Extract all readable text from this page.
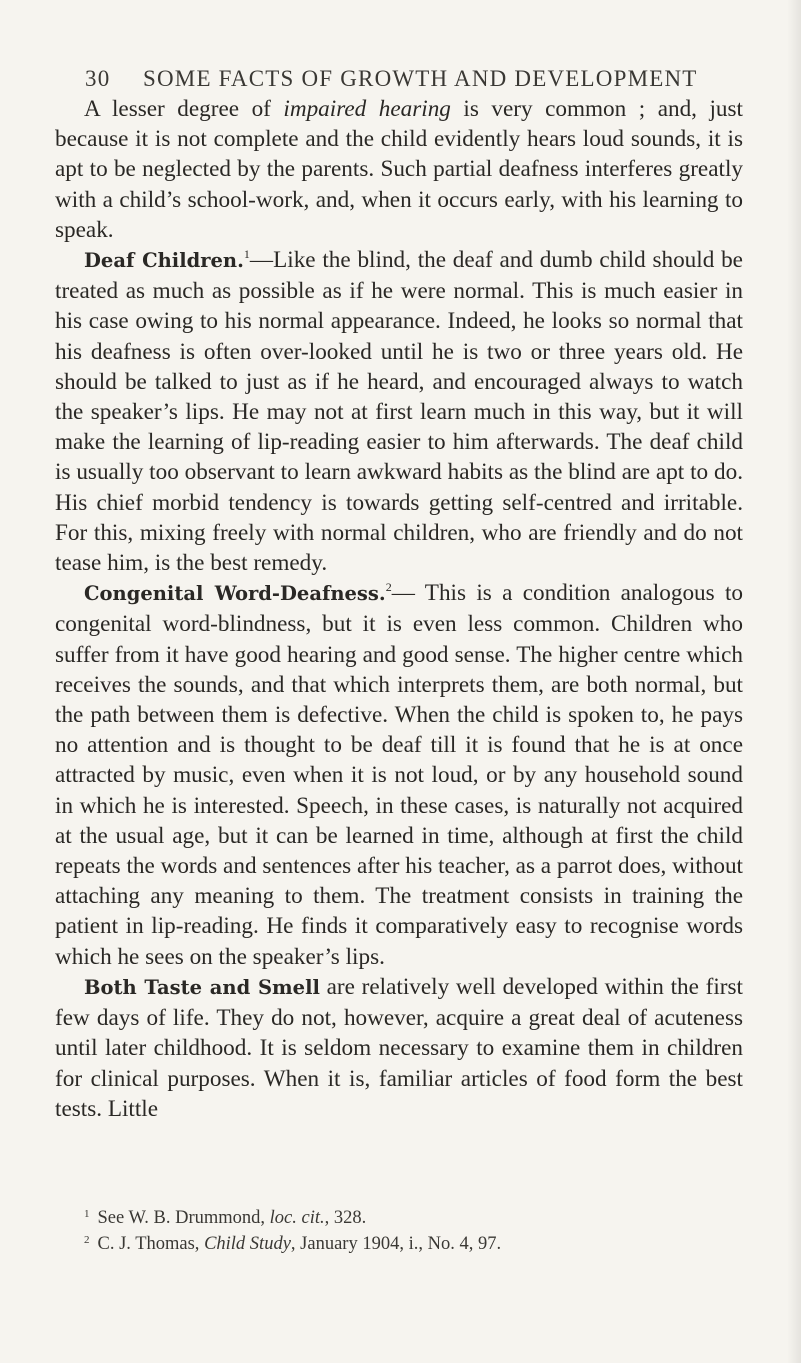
30 SOME FACTS OF GROWTH AND DEVELOPMENT

A lesser degree of impaired hearing is very common ; and, just because it is not complete and the child evidently hears loud sounds, it is apt to be neglected by the parents. Such partial deafness interferes greatly with a child’s school-work, and, when it occurs early, with his learning to speak.

Deaf Children.$^1$—Like the blind, the deaf and dumb child should be treated as much as possible as if he were normal. This is much easier in his case owing to his normal appearance. Indeed, he looks so normal that his deafness is often over-looked until he is two or three years old. He should be talked to just as if he heard, and encouraged always to watch the speaker’s lips. He may not at first learn much in this way, but it will make the learning of lip-reading easier to him afterwards. The deaf child is usually too observant to learn awkward habits as the blind are apt to do. His chief morbid tendency is towards getting self-centred and irritable. For this, mixing freely with normal children, who are friendly and do not tease him, is the best remedy.

Congenital Word-Deafness.$^2$— This is a condition analogous to congenital word-blindness, but it is even less common. Children who suffer from it have good hearing and good sense. The higher centre which receives the sounds, and that which interprets them, are both normal, but the path between them is defective. When the child is spoken to, he pays no attention and is thought to be deaf till it is found that he is at once attracted by music, even when it is not loud, or by any household sound in which he is interested. Speech, in these cases, is naturally not acquired at the usual age, but it can be learned in time, although at first the child repeats the words and sentences after his teacher, as a parrot does, without attaching any meaning to them. The treatment consists in training the patient in lip-reading. He finds it comparatively easy to recognise words which he sees on the speaker’s lips.

Both Taste and Smell are relatively well developed within the first few days of life. They do not, however, acquire a great deal of acuteness until later childhood. It is seldom necessary to examine them in children for clinical purposes. When it is, familiar articles of food form the best tests. Little

$^1$ See W. B. Drummond, loc. cit., 328.

$^2$ C. J. Thomas, Child Study, January 1904, i., No. 4, 97.
